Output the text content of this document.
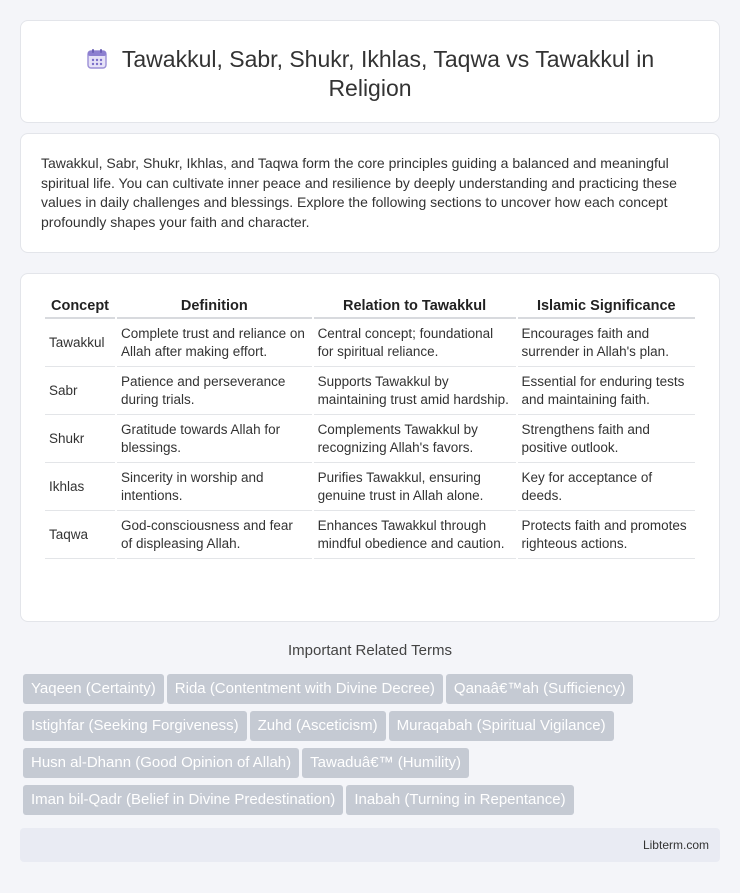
Tawakkul, Sabr, Shukr, Ikhlas, Taqwa vs Tawakkul in Religion

Tawakkul, Sabr, Shukr, Ikhlas, and Taqwa form the core principles guiding a balanced and meaningful spiritual life. You can cultivate inner peace and resilience by deeply understanding and practicing these values in daily challenges and blessings. Explore the following sections to uncover how each concept profoundly shapes your faith and character.

Concept	Definition	Relation to Tawakkul	Islamic Significance
Tawakkul	Complete trust and reliance on Allah after making effort.	Central concept; foundational for spiritual reliance.	Encourages faith and surrender in Allah's plan.
Sabr	Patience and perseverance during trials.	Supports Tawakkul by maintaining trust amid hardship.	Essential for enduring tests and maintaining faith.
Shukr	Gratitude towards Allah for blessings.	Complements Tawakkul by recognizing Allah's favors.	Strengthens faith and positive outlook.
Ikhlas	Sincerity in worship and intentions.	Purifies Tawakkul, ensuring genuine trust in Allah alone.	Key for acceptance of deeds.
Taqwa	God-consciousness and fear of displeasing Allah.	Enhances Tawakkul through mindful obedience and caution.	Protects faith and promotes righteous actions.
Important Related Terms
Yaqeen (Certainty) Rida (Contentment with Divine Decree) Qanaâ€™ah (Sufficiency)
Istighfar (Seeking Forgiveness) Zuhd (Asceticism) Muraqabah (Spiritual Vigilance)
Husn al-Dhann (Good Opinion of Allah) Tawaduâ€™ (Humility)
Iman bil-Qadr (Belief in Divine Predestination) Inabah (Turning in Repentance)
Libterm.com
